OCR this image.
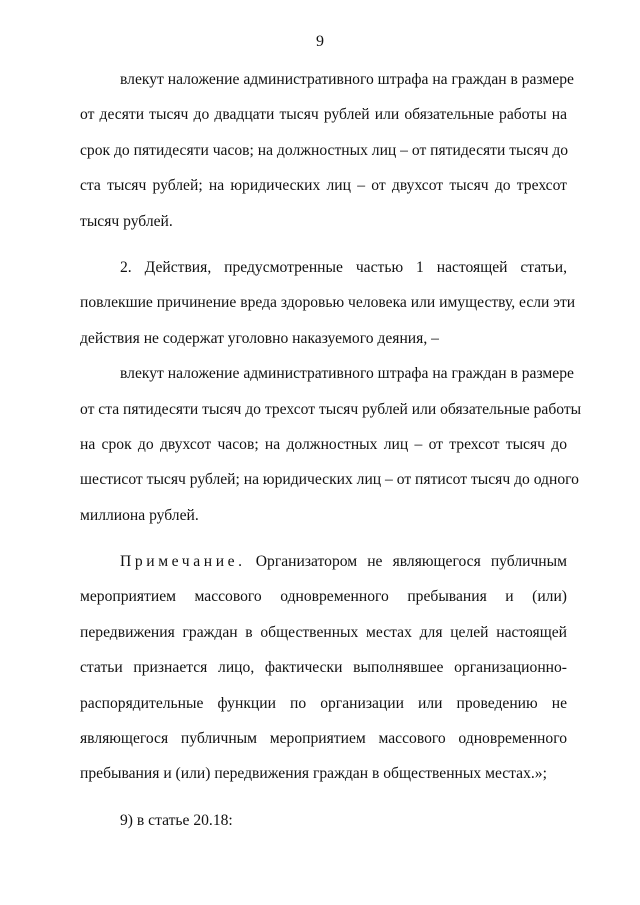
9
влекут наложение административного штрафа на граждан в размере
от десяти тысяч до двадцати тысяч рублей или обязательные работы на
срок до пятидесяти часов; на должностных лиц – от пятидесяти тысяч до
ста тысяч рублей; на юридических лиц – от двухсот тысяч до трехсот
тысяч рублей.
2. Действия, предусмотренные частью 1 настоящей статьи,
повлекшие причинение вреда здоровью человека или имуществу, если эти
действия не содержат уголовно наказуемого деяния, –
влекут наложение административного штрафа на граждан в размере
от ста пятидесяти тысяч до трехсот тысяч рублей или обязательные работы
на срок до двухсот часов; на должностных лиц – от трехсот тысяч до
шестисот тысяч рублей; на юридических лиц – от пятисот тысяч до одного
миллиона рублей.
Примечание. Организатором не являющегося публичным
мероприятием массового одновременного пребывания и (или)
передвижения граждан в общественных местах для целей настоящей
статьи признается лицо, фактически выполнявшее организационно-
распорядительные функции по организации или проведению не
являющегося публичным мероприятием массового одновременного
пребывания и (или) передвижения граждан в общественных местах.»;
9) в статье 20.18:
